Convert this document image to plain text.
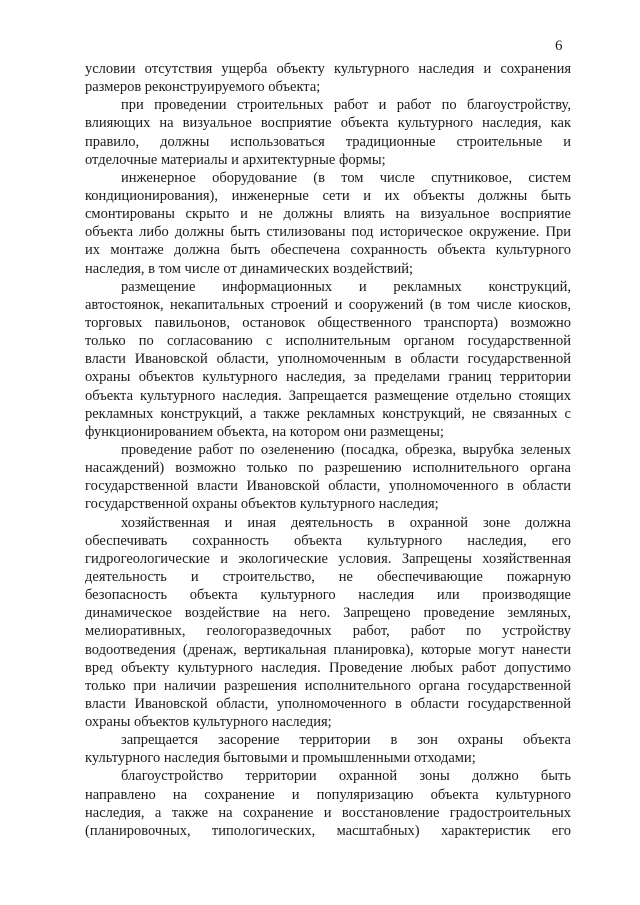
6
условии отсутствия ущерба объекту культурного наследия и сохранения
размеров реконструируемого объекта;
при проведении строительных работ и работ по благоустройству,
влияющих на визуальное восприятие объекта культурного наследия, как
правило, должны использоваться традиционные строительные и
отделочные материалы и архитектурные формы;
инженерное оборудование (в том числе спутниковое, систем
кондиционирования), инженерные сети и их объекты должны быть
смонтированы скрыто и не должны влиять на визуальное восприятие
объекта либо должны быть стилизованы под историческое окружение. При
их монтаже должна быть обеспечена сохранность объекта культурного
наследия, в том числе от динамических воздействий;
размещение информационных и рекламных конструкций,
автостоянок, некапитальных строений и сооружений (в том числе киосков,
торговых павильонов, остановок общественного транспорта) возможно
только по согласованию с исполнительным органом государственной
власти Ивановской области, уполномоченным в области государственной
охраны объектов культурного наследия, за пределами границ территории
объекта культурного наследия. Запрещается размещение отдельно стоящих
рекламных конструкций, а также рекламных конструкций, не связанных с
функционированием объекта, на котором они размещены;
проведение работ по озеленению (посадка, обрезка, вырубка зеленых
насаждений) возможно только по разрешению исполнительного органа
государственной власти Ивановской области, уполномоченного в области
государственной охраны объектов культурного наследия;
хозяйственная и иная деятельность в охранной зоне должна
обеспечивать сохранность объекта культурного наследия, его
гидрогеологические и экологические условия. Запрещены хозяйственная
деятельность и строительство, не обеспечивающие пожарную
безопасность объекта культурного наследия или производящие
динамическое воздействие на него. Запрещено проведение земляных,
мелиоративных, геологоразведочных работ, работ по устройству
водоотведения (дренаж, вертикальная планировка), которые могут нанести
вред объекту культурного наследия. Проведение любых работ допустимо
только при наличии разрешения исполнительного органа государственной
власти Ивановской области, уполномоченного в области государственной
охраны объектов культурного наследия;
запрещается засорение территории в зон охраны объекта
культурного наследия бытовыми и промышленными отходами;
благоустройство территории охранной зоны должно быть
направлено на сохранение и популяризацию объекта культурного
наследия, а также на сохранение и восстановление градостроительных
(планировочных, типологических, масштабных) характеристик его
